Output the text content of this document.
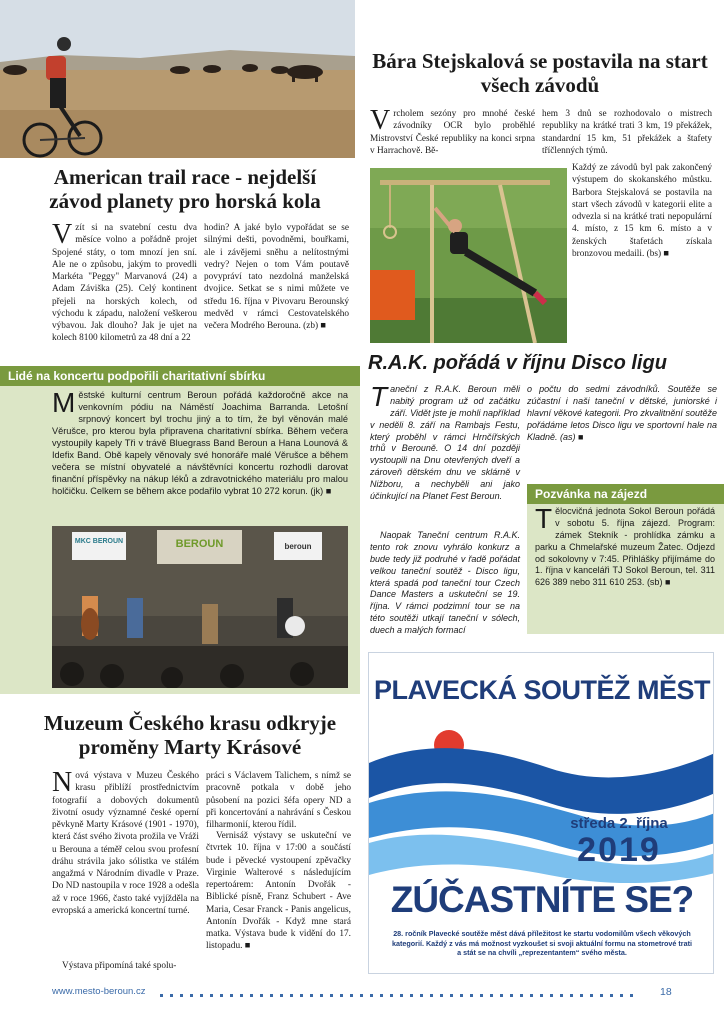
American trail race - nejdelší závod planety pro horská kola
Vzít si na svatební cestu dva měsíce volno a pořádně projet Spojené státy, o tom mnozí jen sní. Ale ne o způsobu, jakým to provedli Markéta "Peggy" Marvanová (24) a Adam Záviška (25). Celý kontinent přejeli na horských kolech, od východu k západu, naložení veškerou výbavou. Jak dlouho? Jak je ujet na kolech 8100 kilometrů za 48 dní a 22
hodin? A jaké bylo vypořádat se se silnými dešti, povodněmi, bouřkami, ale i závějemi sněhu a nelítostnými vedry? Nejen o tom Vám poutavě povypráví tato nezdolná manželská dvojice. Setkat se s nimi můžete ve středu 16. října v Pivovaru Berounský medvěd v rámci Cestovatelského večera Modrého Berouna. (zb) ■
Bára Stejskalová se postavila na start všech závodů
Vrcholem sezóny pro mnohé české závodníky OCR bylo proběhlé Mistrovství České republiky na konci srpna v Harrachově. Bě-
hem 3 dnů se rozhodovalo o mistrech republiky na krátké trati 3 km, 19 překážek, standardní 15 km, 51 překážek a štafety tříčlenných týmů.
Každý ze závodů byl pak zakončený výstupem do skokanského můstku. Barbora Stejskalová se postavila na start všech závodů v kategorii elite a odvezla si na krátké trati nepopulární 4. místo, z 15 km 6. místo a v ženských štafetách získala bronzovou medaili. (bs) ■
Lidé na koncertu podpořili charitativní sbírku
Městské kulturní centrum Beroun pořádá každoročně akce na venkovním pódiu na Náměstí Joachima Barranda. Letošní srpnový koncert byl trochu jiný a to tím, že byl věnován malé Věrušce, pro kterou byla připravena charitativní sbírka. Během večera vystoupily kapely Tři v trávě Bluegrass Band Beroun a Hana Lounová & Idefix Band. Obě kapely věnovaly své honoráře malé Věrušce a během večera se místní obyvatelé a návštěvníci koncertu rozhodli darovat finanční příspěvky na nákup léků a zdravotnického materiálu pro malou holčičku. Celkem se během akce podařilo vybrat 10 272 korun. (jk) ■
MKC BEROUN	BEROUN	beroun
R.A.K. pořádá v říjnu Disco ligu
Taneční z R.A.K. Beroun měli nabitý program už od začátku září. Vidět jste je mohli například v neděli 8. září na Rambajs Festu, který proběhl v rámci Hrnčířských trhů v Berouně. O 14 dní později vystoupili na Dnu otevřených dveří a zároveň dětském dnu ve sklárně v Nižboru, a nechyběli ani jako účinkující na Planet Fest Beroun.
Naopak Taneční centrum R.A.K. tento rok znovu vyhrálo konkurz a bude tedy již podruhé v řadě pořádat velkou taneční soutěž - Disco ligu, která spadá pod taneční tour Czech Dance Masters a uskuteční se 19. října. V rámci podzimní tour se na této soutěži utkají taneční v sólech, duech a malých formací
o počtu do sedmi závodníků. Soutěže se zúčastní i naši taneční v dětské, juniorské i hlavní věkové kategorii. Pro zkvalitnění soutěže pořádáme letos Disco ligu ve sportovní hale na Kladně. (as) ■
Pozvánka na zájezd
Tělocvičná jednota Sokol Beroun pořádá v sobotu 5. října zájezd. Program: zámek Stekník - prohlídka zámku a parku a Chmelařské muzeum Žatec. Odjezd od sokolovny v 7:45. Přihlášky přijímáme do 1. října v kanceláři TJ Sokol Beroun, tel. 311 626 389 nebo 311 610 253. (sb) ■
Muzeum Českého krasu odkryje proměny Marty Krásové
Nová výstava v Muzeu Českého krasu přiblíží prostřednictvím fotografií a dobových dokumentů životní osudy významné české operní pěvkyně Marty Krásové (1901 - 1970), která část svého života prožila ve Vráži u Berouna a téměř celou svou profesní dráhu strávila jako sólistka ve stálém angažmá v Národním divadle v Praze. Do ND nastoupila v roce 1928 a odešla až v roce 1966, často také vyjížděla na evropská a americká koncertní turné.
Výstava připomíná také spolu-
práci s Václavem Talichem, s nímž se pracovně potkala v době jeho působení na pozici šéfa opery ND a při koncertování a nahrávání s Českou filharmonií, kterou řídil.
Vernisáž výstavy se uskuteční ve čtvrtek 10. října v 17:00 a součástí bude i pěvecké vystoupení zpěvačky Virginie Walterové s následujícím repertoárem: Antonín Dvořák - Biblické písně, Franz Schubert - Ave Maria, Cesar Franck - Panis angelicus, Antonín Dvořák - Když mne stará matka. Výstava bude k vidění do 17. listopadu. ■
PLAVECKÁ SOUTĚŽ MĚST
středa 2. října
2019
ZÚČASTNÍTE SE?
28. ročník Plavecké soutěže měst dává příležitost ke startu vodomilům všech věkových kategorií. Každý z vás má možnost vyzkoušet si svoji aktuální formu na stometrové trati a stát se na chvíli „reprezentantem“ svého města.
www.mesto-beroun.cz	18
